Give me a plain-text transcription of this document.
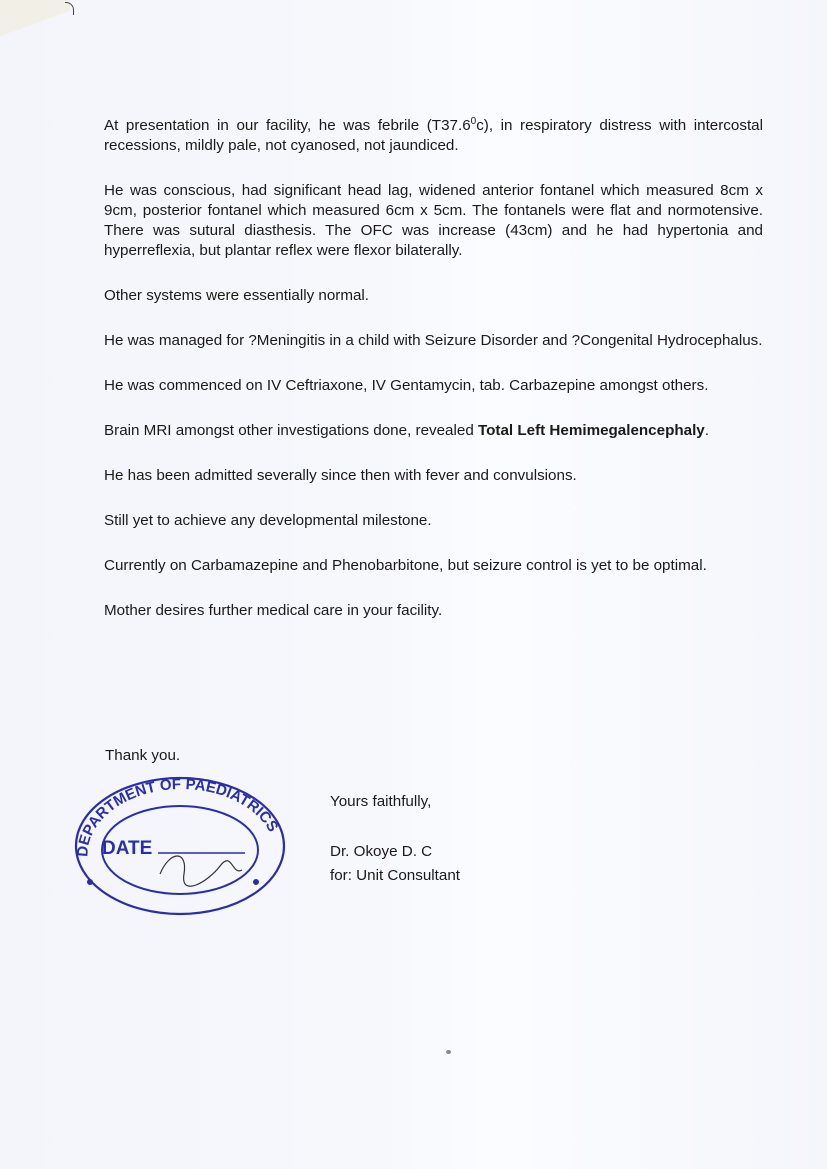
At presentation in our facility, he was febrile (T37.6$^0$c), in respiratory distress with intercostal recessions, mildly pale, not cyanosed, not jaundiced.

He was conscious, had significant head lag, widened anterior fontanel which measured 8cm x 9cm, posterior fontanel which measured 6cm x 5cm. The fontanels were flat and normotensive. There was sutural diasthesis. The OFC was increase (43cm) and he had hypertonia and hyperreflexia, but plantar reflex were flexor bilaterally.

Other systems were essentially normal.

He was managed for ?Meningitis in a child with Seizure Disorder and ?Congenital Hydrocephalus.

He was commenced on IV Ceftriaxone, IV Gentamycin, tab. Carbazepine amongst others.

Brain MRI amongst other investigations done, revealed Total Left Hemimegalencephaly.

He has been admitted severally since then with fever and convulsions.

Still yet to achieve any developmental milestone.

Currently on Carbamazepine and Phenobarbitone, but seizure control is yet to be optimal.

Mother desires further medical care in your facility.

Thank you.
Yours faithfully,
Dr. Okoye D. C
for: Unit Consultant
DEPARTMENT OF PAEDIATRICS
DATE
